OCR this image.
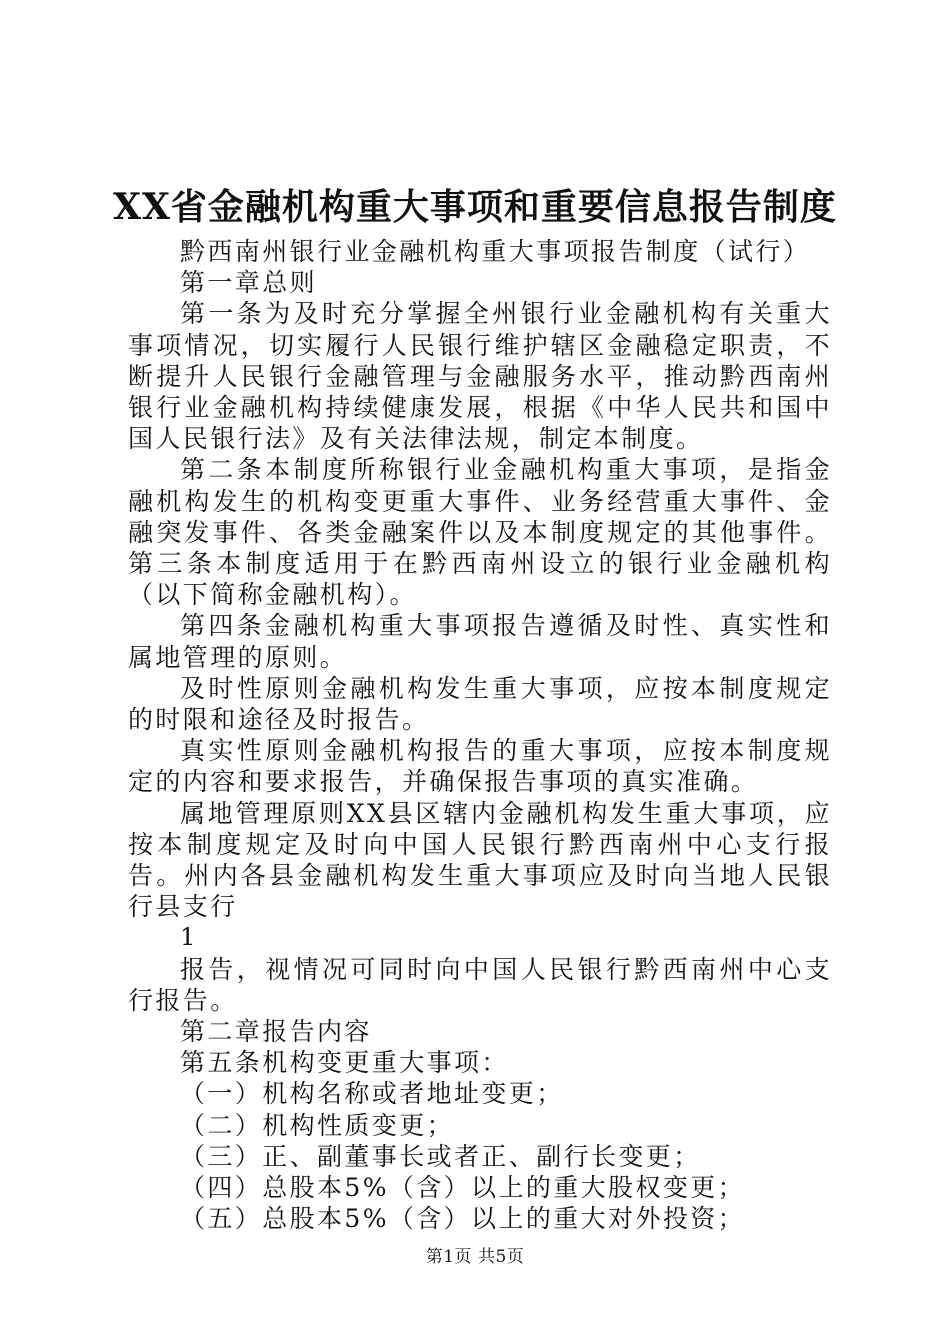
XX省金融机构重大事项和重要信息报告制度

黔西南州银行业金融机构重大事项报告制度（试行）

第一章总则

第一条为及时充分掌握全州银行业金融机构有关重大事项情况，切实履行人民银行维护辖区金融稳定职责，不断提升人民银行金融管理与金融服务水平，推动黔西南州银行业金融机构持续健康发展，根据《中华人民共和国中国人民银行法》及有关法律法规，制定本制度。

第二条本制度所称银行业金融机构重大事项，是指金融机构发生的机构变更重大事件、业务经营重大事件、金融突发事件、各类金融案件以及本制度规定的其他事件。第三条本制度适用于在黔西南州设立的银行业金融机构（以下简称金融机构）。

第四条金融机构重大事项报告遵循及时性、真实性和属地管理的原则。

及时性原则金融机构发生重大事项，应按本制度规定的时限和途径及时报告。

真实性原则金融机构报告的重大事项，应按本制度规定的内容和要求报告，并确保报告事项的真实准确。

属地管理原则XX县区辖内金融机构发生重大事项，应按本制度规定及时向中国人民银行黔西南州中心支行报告。州内各县金融机构发生重大事项应及时向当地人民银行县支行

1

报告，视情况可同时向中国人民银行黔西南州中心支行报告。

第二章报告内容

第五条机构变更重大事项：

（一）机构名称或者地址变更；

（二）机构性质变更；

（三）正、副董事长或者正、副行长变更；

（四）总股本5%（含）以上的重大股权变更；

（五）总股本5%（含）以上的重大对外投资；

第1页 共5页
